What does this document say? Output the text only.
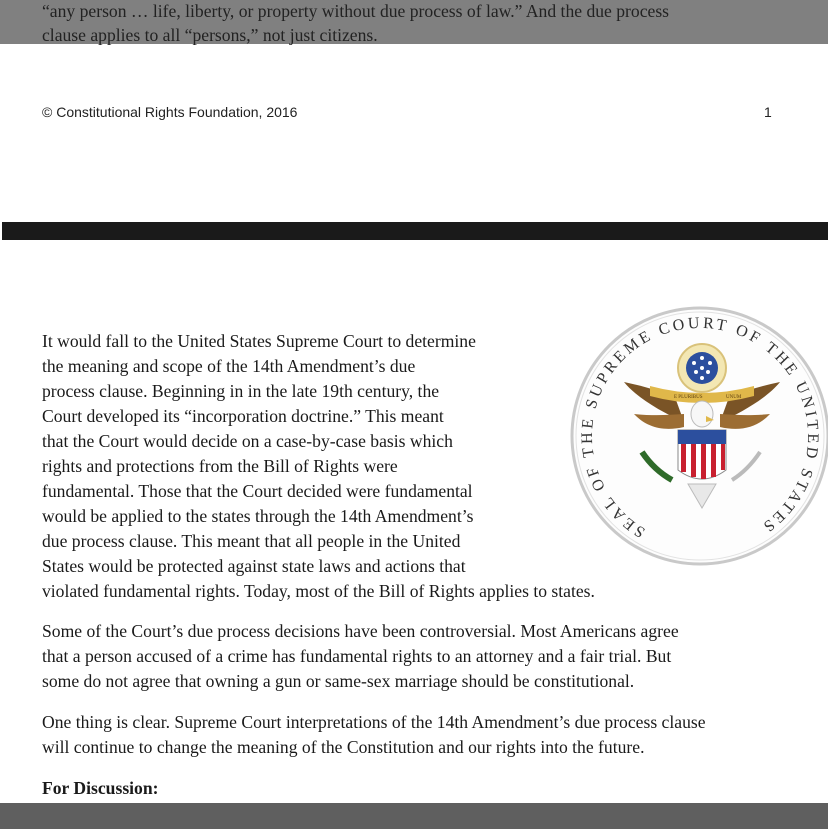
“any person … life, liberty, or property without due process of law.” And the due process
clause applies to all “persons,” not just citizens.
© Constitutional Rights Foundation, 2016	1
E PLURIBUS	UNUM
SEAL OF THE SUPREME COURT OF THE UNITED STATES
It would fall to the United States Supreme Court to determine
the meaning and scope of the 14th Amendment’s due
process clause. Beginning in in the late 19th century, the
Court developed its “incorporation doctrine.” This meant
that the Court would decide on a case-by-case basis which
rights and protections from the Bill of Rights were
fundamental. Those that the Court decided were fundamental
would be applied to the states through the 14th Amendment’s
due process clause. This meant that all people in the United
States would be protected against state laws and actions that
violated fundamental rights. Today, most of the Bill of Rights applies to states.
Some of the Court’s due process decisions have been controversial. Most Americans agree
that a person accused of a crime has fundamental rights to an attorney and a fair trial. But
some do not agree that owning a gun or same-sex marriage should be constitutional.
One thing is clear. Supreme Court interpretations of the 14th Amendment’s due process clause
will continue to change the meaning of the Constitution and our rights into the future.
For Discussion:
